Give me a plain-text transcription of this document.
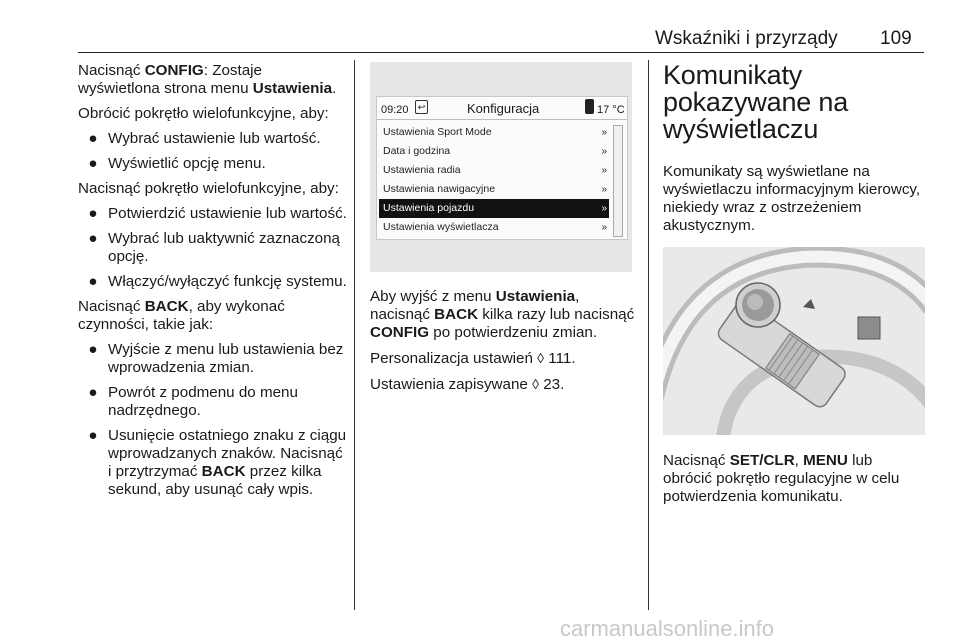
Wskaźniki i przyrządy 109

Nacisnąć CONFIG: Zostaje wyświetlona strona menu Ustawienia.

Obrócić pokrętło wielofunkcyjne, aby:

● Wybrać ustawienie lub wartość.
● Wyświetlić opcję menu.

Nacisnąć pokrętło wielofunkcyjne, aby:

● Potwierdzić ustawienie lub wartość.
● Wybrać lub uaktywnić zaznaczoną opcję.
● Włączyć/wyłączyć funkcję systemu.

Nacisnąć BACK, aby wykonać czynności, takie jak:

● Wyjście z menu lub ustawienia bez wprowadzenia zmian.
● Powrót z podmenu do menu nadrzędnego.
● Usunięcie ostatniego znaku z ciągu wprowadzanych znaków. Nacisnąć i przytrzymać BACK przez kilka sekund, aby usunąć cały wpis.
09:20	↩	Konfiguracja	17 °C
Ustawienia Sport Mode	»
Data i godzina	»
Ustawienia radia	»
Ustawienia nawigacyjne	»
Ustawienia pojazdu	»
Ustawienia wyświetlacza	»

Aby wyjść z menu Ustawienia, nacisnąć BACK kilka razy lub nacisnąć CONFIG po potwierdzeniu zmian.

Personalizacja ustawień ◊ 111.

Ustawienia zapisywane ◊ 23.

Komunikaty pokazywane na wyświetlaczu

Komunikaty są wyświetlane na wyświetlaczu informacyjnym kierowcy, niekiedy wraz z ostrzeżeniem akustycznym.

Nacisnąć SET/CLR, MENU lub obrócić pokrętło regulacyjne w celu potwierdzenia komunikatu.

carmanualsonline.info
